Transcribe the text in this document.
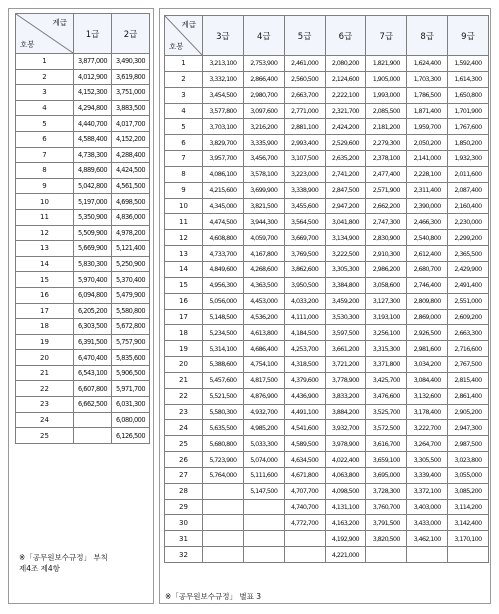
계급
호봉	1급	2급
1	3,877,000	3,490,300
2	4,012,900	3,619,800
3	4,152,300	3,751,000
4	4,294,800	3,883,500
5	4,440,700	4,017,700
6	4,588,400	4,152,200
7	4,738,300	4,288,400
8	4,889,600	4,424,500
9	5,042,800	4,561,500
10	5,197,000	4,698,500
11	5,350,900	4,836,000
12	5,509,900	4,978,200
13	5,669,900	5,121,400
14	5,830,300	5,250,900
15	5,970,400	5,370,400
16	6,094,800	5,479,900
17	6,205,200	5,580,800
18	6,303,500	5,672,800
19	6,391,500	5,757,900
20	6,470,400	5,835,600
21	6,543,100	5,906,500
22	6,607,800	5,971,700
23	6,662,500	6,031,300
24		6,080,000
25		6,126,500
※「공무원보수규정」 부칙
제4조 제4항
계급
호봉	3급	4급	5급	6급	7급	8급	9급
1	3,213,100	2,753,900	2,461,000	2,080,200	1,821,900	1,624,400	1,592,400
2	3,332,100	2,866,400	2,560,500	2,124,600	1,905,000	1,703,300	1,614,300
3	3,454,500	2,980,700	2,663,700	2,222,100	1,993,000	1,786,500	1,650,800
4	3,577,800	3,097,600	2,771,000	2,321,700	2,085,500	1,871,400	1,701,900
5	3,703,100	3,216,200	2,881,100	2,424,200	2,181,200	1,959,700	1,767,600
6	3,829,700	3,335,900	2,993,400	2,529,600	2,279,300	2,050,200	1,850,200
7	3,957,700	3,456,700	3,107,500	2,635,200	2,378,100	2,141,000	1,932,300
8	4,086,100	3,578,100	3,223,000	2,741,200	2,477,400	2,228,100	2,011,600
9	4,215,600	3,699,900	3,338,900	2,847,500	2,571,900	2,311,400	2,087,400
10	4,345,000	3,821,500	3,455,600	2,947,200	2,662,200	2,390,000	2,160,400
11	4,474,500	3,944,300	3,564,500	3,041,800	2,747,300	2,466,300	2,230,000
12	4,608,800	4,059,700	3,669,700	3,134,900	2,830,900	2,540,800	2,299,200
13	4,733,700	4,167,800	3,769,500	3,222,500	2,910,300	2,612,400	2,365,500
14	4,849,600	4,268,600	3,862,600	3,305,300	2,986,200	2,680,700	2,429,900
15	4,956,300	4,363,500	3,950,500	3,384,800	3,058,600	2,746,400	2,491,400
16	5,056,000	4,453,000	4,033,200	3,459,200	3,127,300	2,809,800	2,551,000
17	5,148,500	4,536,200	4,111,000	3,530,300	3,193,100	2,869,000	2,609,200
18	5,234,500	4,613,800	4,184,500	3,597,500	3,256,100	2,926,500	2,663,300
19	5,314,100	4,686,400	4,253,700	3,661,200	3,315,300	2,981,600	2,716,600
20	5,388,600	4,754,100	4,318,500	3,721,200	3,371,800	3,034,200	2,767,500
21	5,457,600	4,817,500	4,379,600	3,778,900	3,425,700	3,084,400	2,815,400
22	5,521,500	4,876,900	4,436,900	3,833,200	3,476,600	3,132,600	2,861,400
23	5,580,300	4,932,700	4,491,100	3,884,200	3,525,700	3,178,400	2,905,200
24	5,635,500	4,985,200	4,541,600	3,932,700	3,572,500	3,222,700	2,947,300
25	5,680,800	5,033,300	4,589,500	3,978,900	3,616,700	3,264,700	2,987,500
26	5,723,900	5,074,000	4,634,500	4,022,400	3,659,100	3,305,500	3,023,800
27	5,764,000	5,111,600	4,671,800	4,063,800	3,695,000	3,339,400	3,055,000
28		5,147,500	4,707,700	4,098,500	3,728,300	3,372,100	3,085,200
29			4,740,700	4,131,100	3,760,700	3,403,000	3,114,200
30			4,772,700	4,163,200	3,791,500	3,433,000	3,142,400
31				4,192,900	3,820,500	3,462,100	3,170,100
32				4,221,000			
※「공무원보수규정」 별표 3
